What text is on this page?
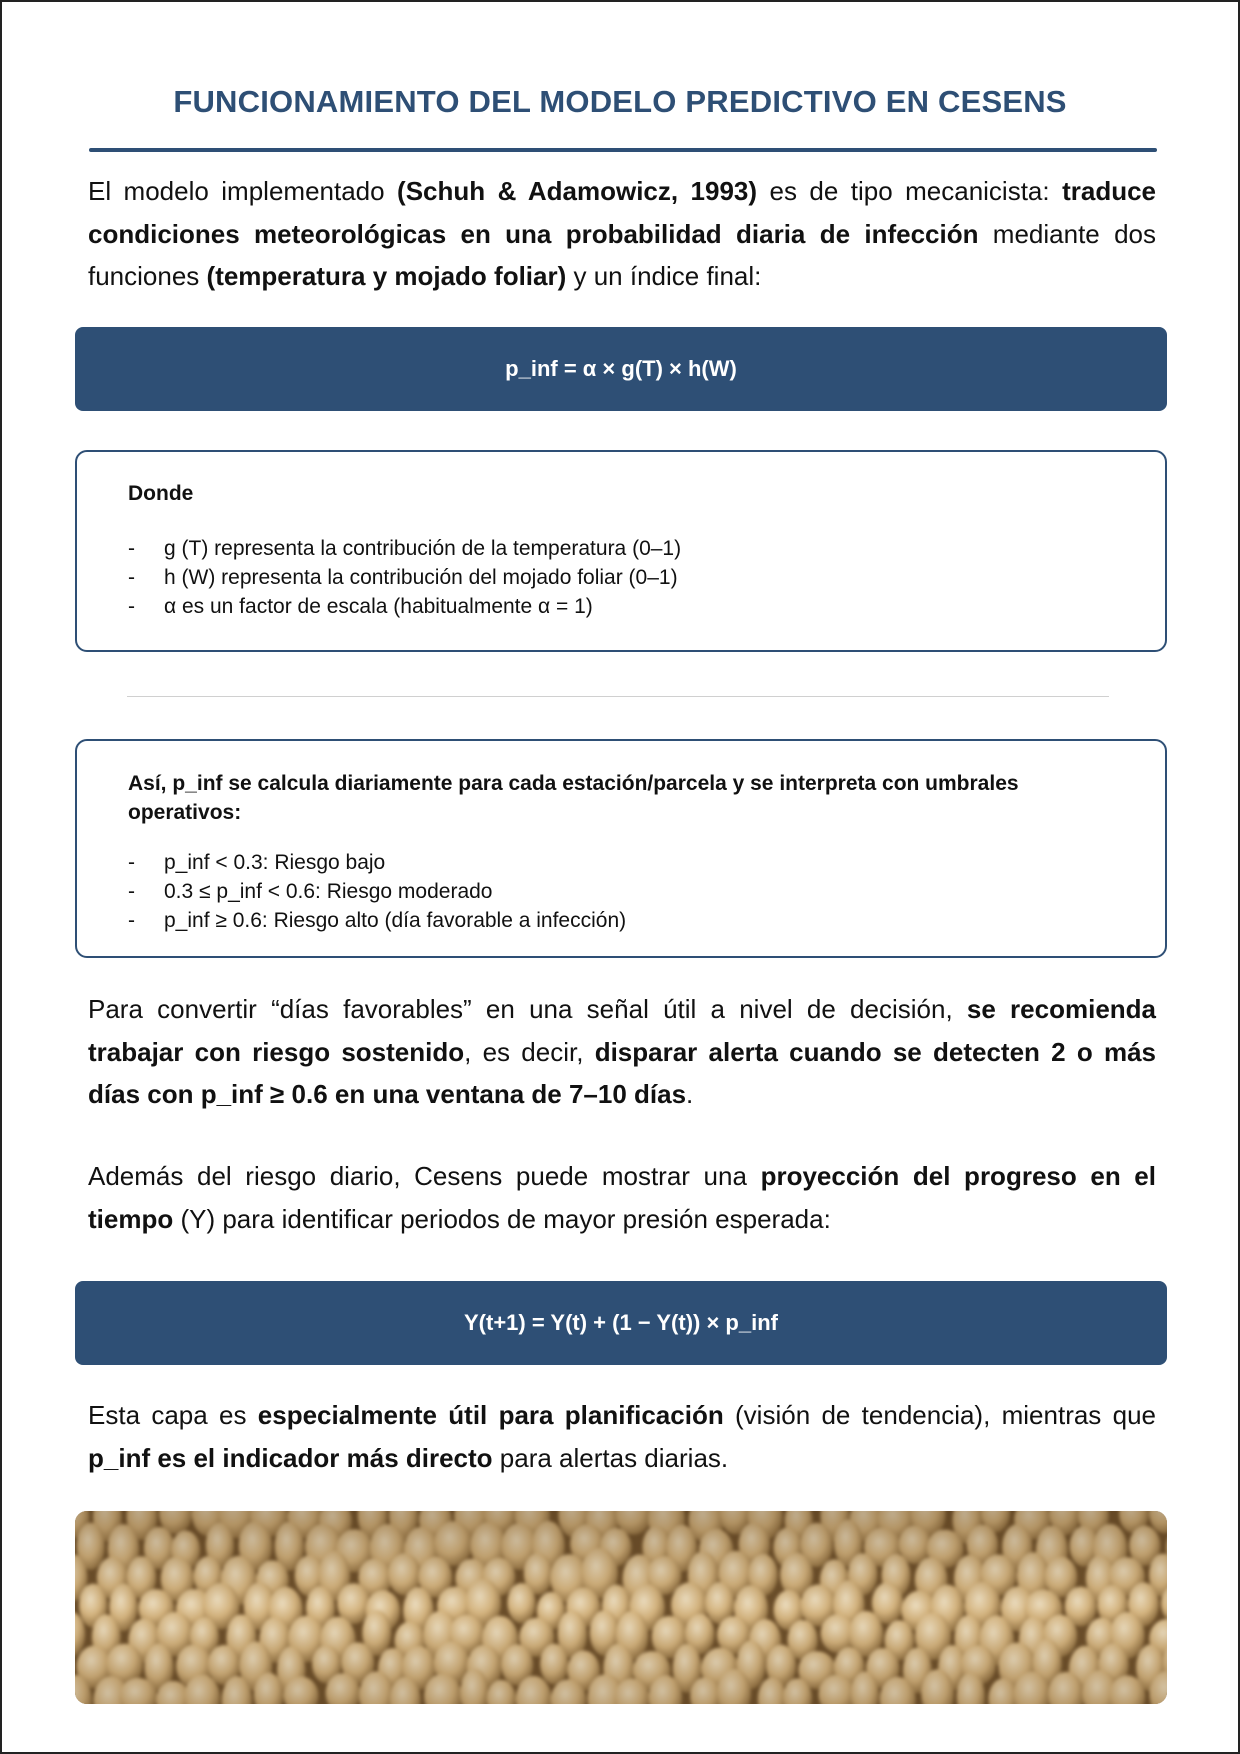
FUNCIONAMIENTO DEL MODELO PREDICTIVO EN CESENS

El modelo implementado (Schuh & Adamowicz, 1993) es de tipo mecanicista: traduce condiciones meteorológicas en una probabilidad diaria de infección mediante dos funciones (temperatura y mojado foliar) y un índice final:

p_inf = α × g(T) × h(W)
Donde
- g (T) representa la contribución de la temperatura (0–1)
- h (W) representa la contribución del mojado foliar (0–1)
- α es un factor de escala (habitualmente α = 1)
Así, p_inf se calcula diariamente para cada estación/parcela y se interpreta con umbrales operativos:
- p_inf < 0.3: Riesgo bajo
- 0.3 ≤ p_inf < 0.6: Riesgo moderado
- p_inf ≥ 0.6: Riesgo alto (día favorable a infección)

Para convertir “días favorables” en una señal útil a nivel de decisión, se recomienda trabajar con riesgo sostenido, es decir, disparar alerta cuando se detecten 2 o más días con p_inf ≥ 0.6 en una ventana de 7–10 días.

Además del riesgo diario, Cesens puede mostrar una proyección del progreso en el tiempo (Y) para identificar periodos de mayor presión esperada:

Y(t+1) = Y(t) + (1 − Y(t)) × p_inf

Esta capa es especialmente útil para planificación (visión de tendencia), mientras que p_inf es el indicador más directo para alertas diarias.
